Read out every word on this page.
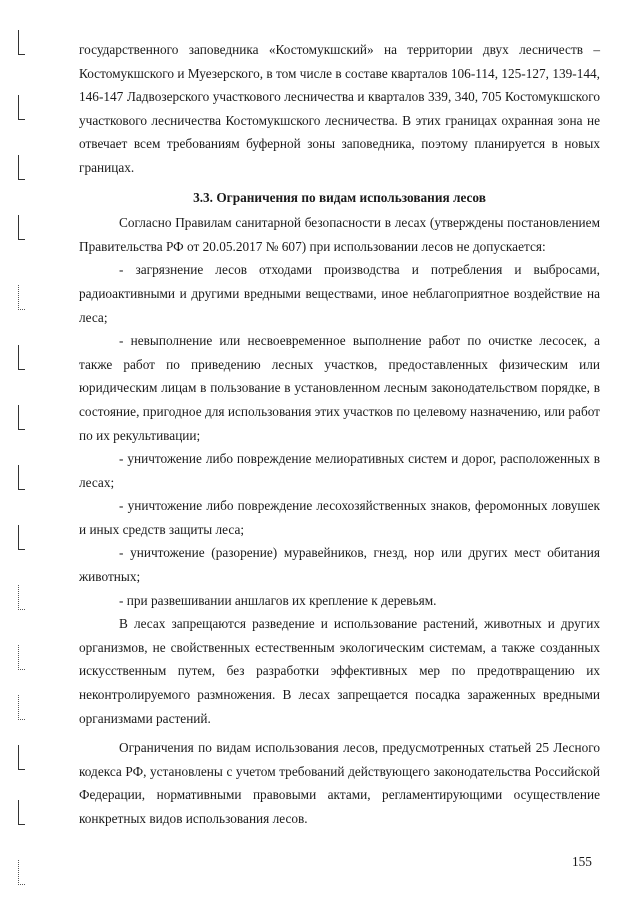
государственного заповедника «Костомукшский» на территории двух лесничеств – Костомукшского и Муезерского, в том числе в составе кварталов 106-114, 125-127, 139-144, 146-147 Ладвозерского участкового лесничества и кварталов 339, 340, 705 Костомукшского участкового лесничества Костомукшского лесничества. В этих границах охранная зона не отвечает всем требованиям буферной зоны заповедника, поэтому планируется в новых границах.

3.3. Ограничения по видам использования лесов

Согласно Правилам санитарной безопасности в лесах (утверждены постановлением Правительства РФ от 20.05.2017 № 607) при использовании лесов не допускается:

- загрязнение лесов отходами производства и потребления и выбросами, радиоактивными и другими вредными веществами, иное неблагоприятное воздействие на леса;

- невыполнение или несвоевременное выполнение работ по очистке лесосек, а также работ по приведению лесных участков, предоставленных физическим или юридическим лицам в пользование в установленном лесным законодательством порядке, в состояние, пригодное для использования этих участков по целевому назначению, или работ по их рекультивации;

- уничтожение либо повреждение мелиоративных систем и дорог, расположенных в лесах;

- уничтожение либо повреждение лесохозяйственных знаков, феромонных ловушек и иных средств защиты леса;

- уничтожение (разорение) муравейников, гнезд, нор или других мест обитания животных;

- при развешивании аншлагов их крепление к деревьям.

В лесах запрещаются разведение и использование растений, животных и других организмов, не свойственных естественным экологическим системам, а также созданных искусственным путем, без разработки эффективных мер по предотвращению их неконтролируемого размножения. В лесах запрещается посадка зараженных вредными организмами растений.

Ограничения по видам использования лесов, предусмотренных статьей 25 Лесного кодекса РФ, установлены с учетом требований действующего законодательства Российской Федерации, нормативными правовыми актами, регламентирующими осуществление конкретных видов использования лесов.

155
